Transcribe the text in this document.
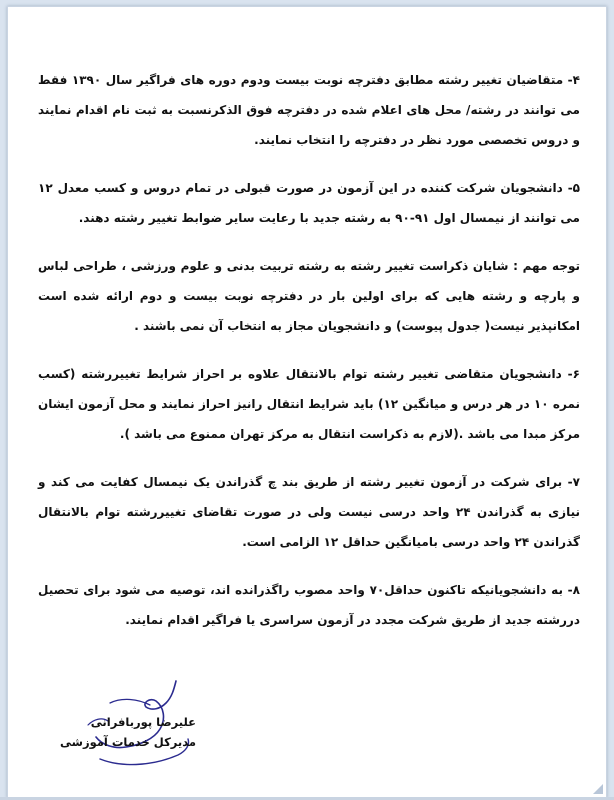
۴- متقاضیان تغییر رشته مطابق دفترچه نوبت بیست ودوم دوره های فراگیر سال ۱۳۹۰ فقط می توانند در رشته/ محل های اعلام شده در دفترچه فوق الذکرنسبت به ثبت نام اقدام نمایند و دروس تخصصی مورد نظر در دفترچه را انتخاب نمایند.

۵- دانشجویان شرکت کننده در این آزمون در صورت قبولی در تمام دروس و کسب معدل ۱۲ می توانند از نیمسال اول ۹۱-۹۰ به رشته جدید با رعایت سایر ضوابط تغییر رشته دهند.

توجه مهم : شایان ذکراست تغییر رشته به رشته تربیت بدنی و علوم ورزشی ، طراحی لباس و پارچه و رشته هایی که برای اولین بار در دفترچه نوبت بیست و دوم ارائه شده است امکانپذیر نیست( جدول پیوست) و دانشجویان مجاز به انتخاب آن نمی باشند .

۶- دانشجویان متقاضی تغییر رشته توام بالانتقال علاوه بر احراز شرایط تغییررشته (کسب نمره ۱۰ در هر درس و میانگین ۱۲) باید شرایط انتقال رانیز احراز نمایند و محل آزمون ایشان مرکز مبدا می باشد .(لازم به ذکراست انتقال به مرکز تهران ممنوع می باشد ).

۷- برای شرکت در آزمون تغییر رشته از طریق بند چ گذراندن یک نیمسال کفایت می کند و نیازی به گذراندن ۲۴ واحد درسی نیست ولی در صورت تقاضای تغییررشته توام بالانتقال گذراندن ۲۴ واحد درسی بامیانگین حداقل ۱۲ الزامی است.

۸- به دانشجویانیکه تاکنون حداقل۷۰ واحد مصوب راگذرانده اند، توصیه می شود برای تحصیل دررشته جدید از طریق شرکت مجدد در آزمون سراسری یا فراگیر اقدام نمایند.

علیرضا پوربافرانی
مدیرکل خدمات آموزشی
